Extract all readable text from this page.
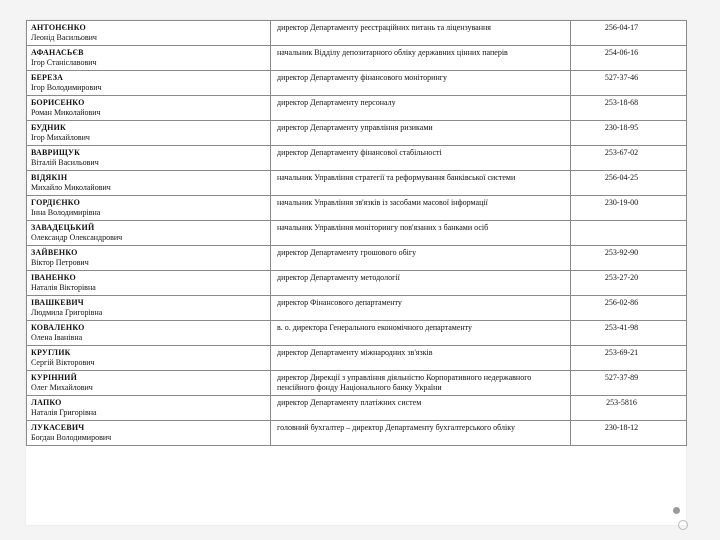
АНТОНЄНКО
Леонід Васильович	директор Департаменту реєстраційних питань та ліцензування	256-04-17

АФАНАСЬЄВ
Ігор Станіславович	начальник Відділу депозитарного обліку державних цінних паперів	254-06-16

БЕРЕЗА
Ігор Володимирович	директор Департаменту фінансового моніторингу	527-37-46

БОРИСЕНКО
Роман Миколайович	директор Департаменту персоналу	253-18-68

БУДНИК
Ігор Михайлович	директор Департаменту управління ризиками	230-18-95

ВАВРИЩУК
Віталій Васильович	директор Департаменту фінансової стабільності	253-67-02

ВІДЯКІН
Михайло Миколайович	начальник Управління стратегії та реформування банківської системи	256-04-25

ГОРДІЄНКО
Інна Володимирівна	начальник Управління зв'язків із засобами масової інформації	230-19-00

ЗАВАДЕЦЬКИЙ
Олександр Олександрович	начальник Управління моніторингу пов'язаних з банками осіб	

ЗАЙВЕНКО
Віктор Петрович	директор Департаменту грошового обігу	253-92-90

ІВАНЕНКО
Наталія Вікторівна	директор Департаменту методології	253-27-20

ІВАШКЕВИЧ
Людмила Григорівна	директор Фінансового департаменту	256-02-86

КОВАЛЕНКО
Олена Іванівна	в. о. директора Генерального економічного департаменту	253-41-98

КРУГЛИК
Сергій Вікторович	директор Департаменту міжнародних зв'язків	253-69-21

КУРІННИЙ
Олег Михайлович	директор Дирекції з управління діяльністю Корпоративного недержавного пенсійного фонду Національного банку України	527-37-89

ЛАПКО
Наталія Григорівна	директор Департаменту платіжних систем	253-5816

ЛУКАСЕВИЧ
Богдан Володимирович	головний бухгалтер – директор Департаменту бухгалтерського обліку	230-18-12
